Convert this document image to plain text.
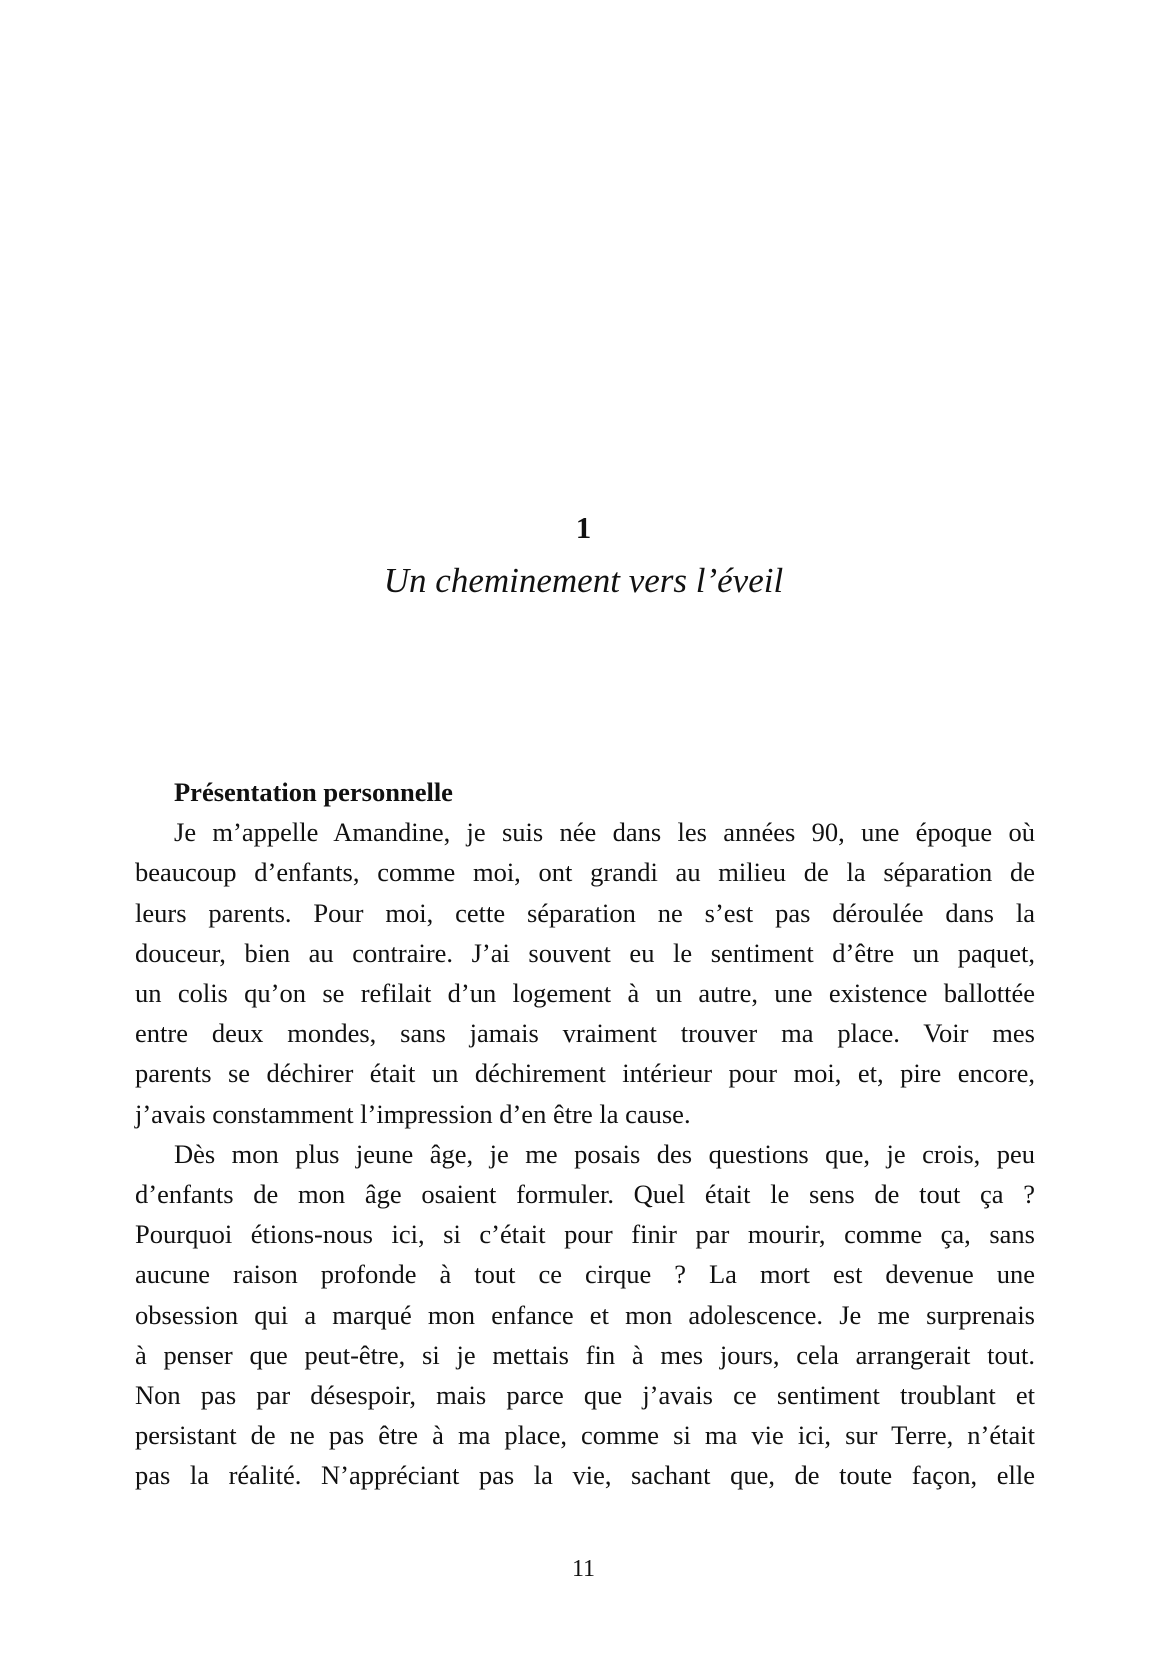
1
Un cheminement vers l’éveil

Présentation personnelle

Je m’appelle Amandine, je suis née dans les années 90, une époque où

beaucoup d’enfants, comme moi, ont grandi au milieu de la séparation de

leurs parents. Pour moi, cette séparation ne s’est pas déroulée dans la

douceur, bien au contraire. J’ai souvent eu le sentiment d’être un paquet,

un colis qu’on se refilait d’un logement à un autre, une existence ballottée

entre deux mondes, sans jamais vraiment trouver ma place. Voir mes

parents se déchirer était un déchirement intérieur pour moi, et, pire encore,

j’avais constamment l’impression d’en être la cause.

Dès mon plus jeune âge, je me posais des questions que, je crois, peu

d’enfants de mon âge osaient formuler. Quel était le sens de tout ça ?

Pourquoi étions-nous ici, si c’était pour finir par mourir, comme ça, sans

aucune raison profonde à tout ce cirque ? La mort est devenue une

obsession qui a marqué mon enfance et mon adolescence. Je me surprenais

à penser que peut-être, si je mettais fin à mes jours, cela arrangerait tout.

Non pas par désespoir, mais parce que j’avais ce sentiment troublant et

persistant de ne pas être à ma place, comme si ma vie ici, sur Terre, n’était

pas la réalité. N’appréciant pas la vie, sachant que, de toute façon, elle

11
